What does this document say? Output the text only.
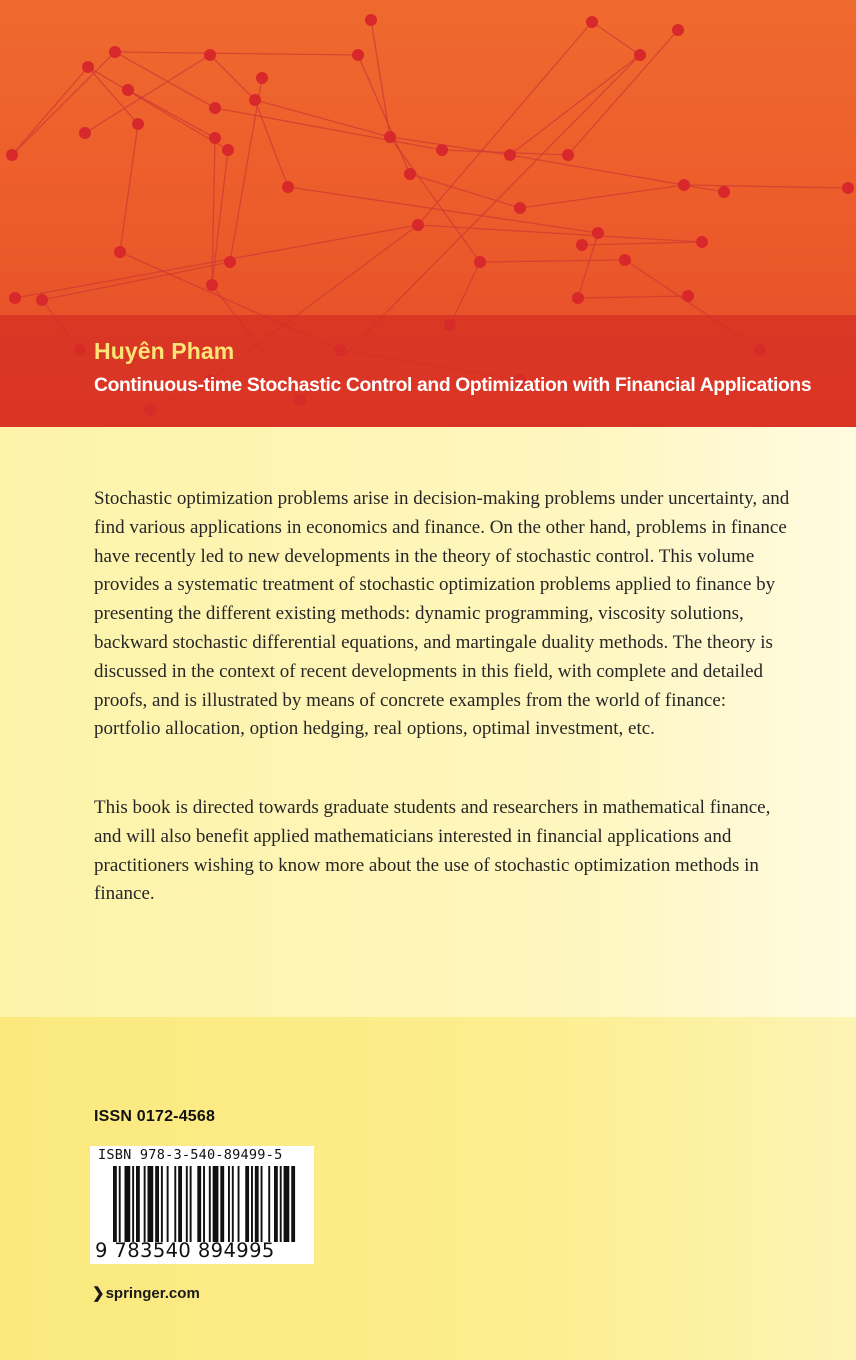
Huyên Pham
Continuous-time Stochastic Control and Optimization with Financial Applications

Stochastic optimization problems arise in decision-making problems under uncertainty, and find various applications in economics and finance. On the other hand, problems in finance have recently led to new developments in the theory of stochastic control. This volume provides a systematic treatment of stochastic optimization problems applied to finance by presenting the different existing methods: dynamic programming, viscosity solutions, backward stochastic differential equations, and martingale duality methods. The theory is discussed in the context of recent developments in this field, with complete and detailed proofs, and is illustrated by means of concrete examples from the world of finance: portfolio allocation, option hedging, real options, optimal investment, etc.

This book is directed towards graduate students and researchers in mathematical finance, and will also benefit applied mathematicians interested in financial applications and practitioners wishing to know more about the use of stochastic optimization methods in finance.

ISSN 0172-4568

ISBN 978-3-540-89499-5

9 783540 894995

❯springer.com
